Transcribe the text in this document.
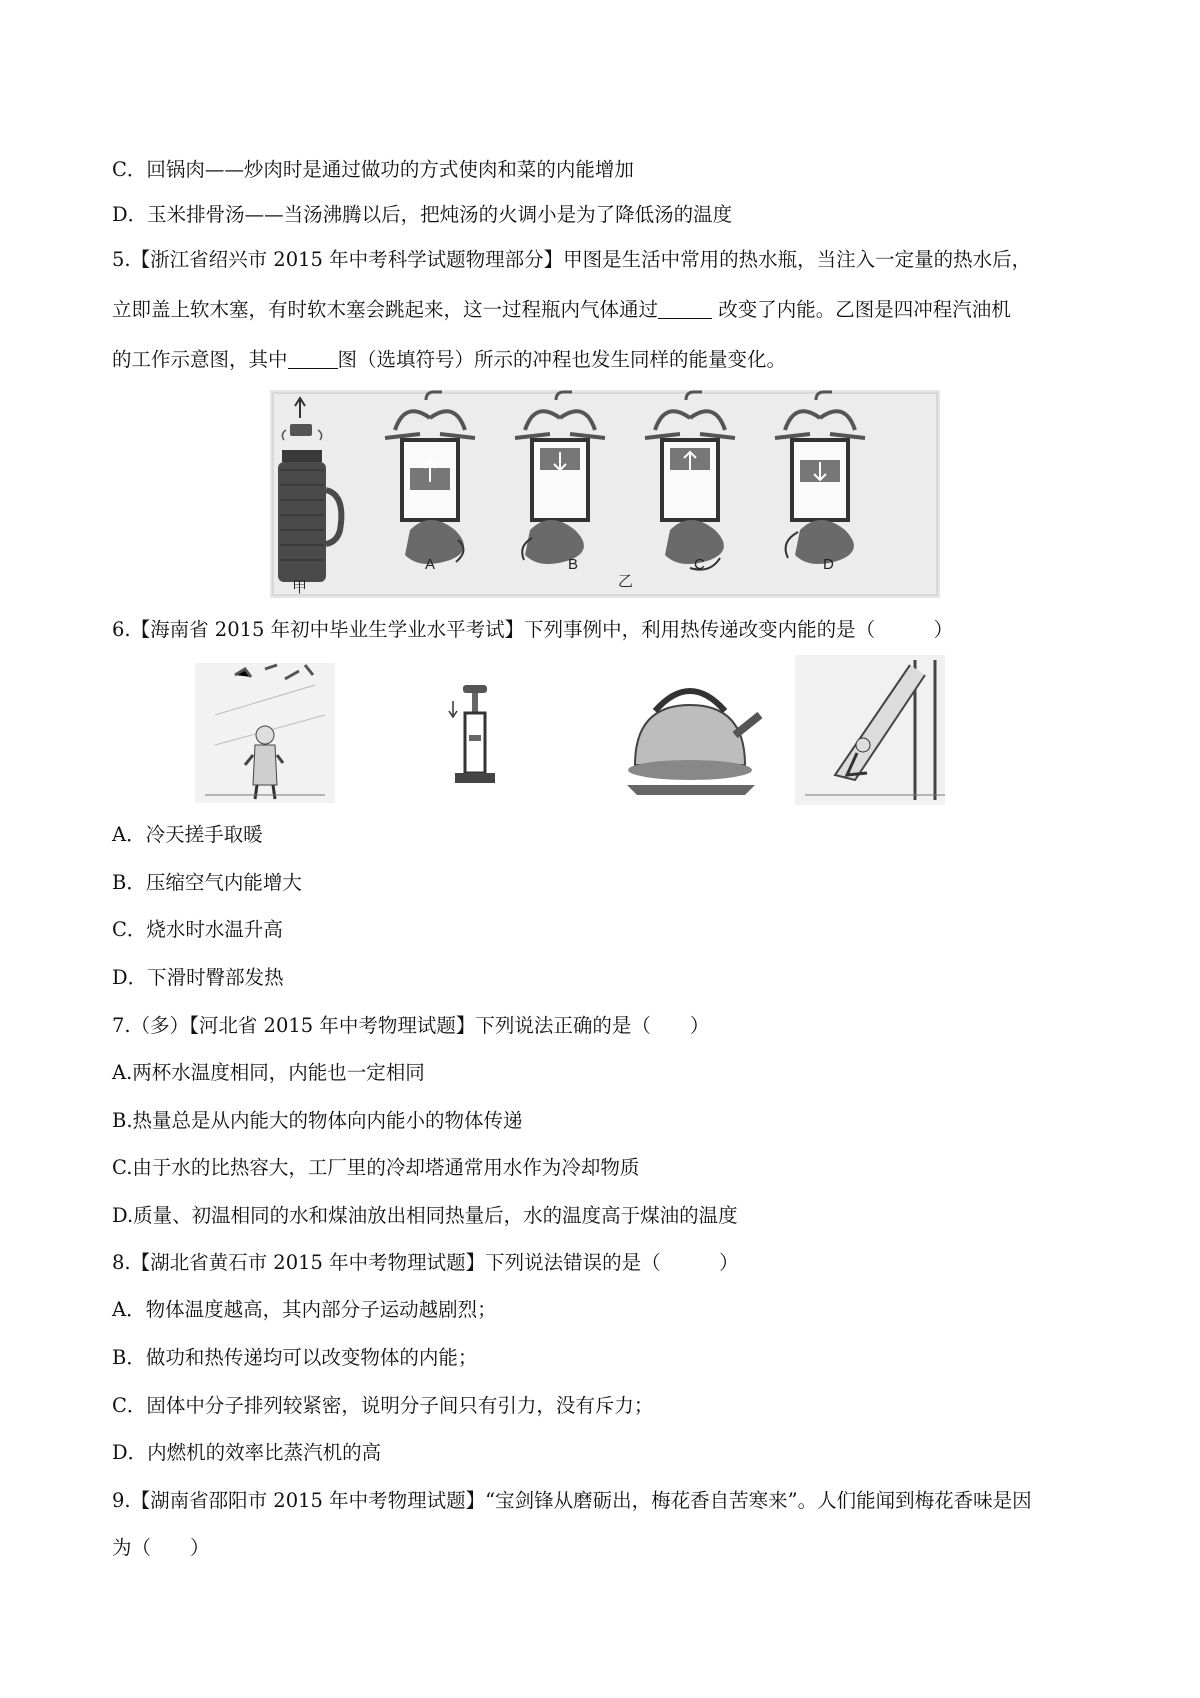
C．回锅肉——炒肉时是通过做功的方式使肉和菜的内能增加
D．玉米排骨汤——当汤沸腾以后，把炖汤的火调小是为了降低汤的温度
5.【浙江省绍兴市 2015 年中考科学试题物理部分】甲图是生活中常用的热水瓶，当注入一定量的热水后，
立即盖上软木塞，有时软木塞会跳起来，这一过程瓶内气体通过	改变了内能。乙图是四冲程汽油机
的工作示意图，其中	图（选填符号）所示的冲程也发生同样的能量变化。
甲
A	B
乙
C	D
6.【海南省 2015 年初中毕业生学业水平考试】下列事例中，利用热传递改变内能的是（　　　）
A．冷天搓手取暖
B．压缩空气内能增大
C．烧水时水温升高
D．下滑时臀部发热
7.（多）【河北省 2015 年中考物理试题】下列说法正确的是（　　）
A.两杯水温度相同，内能也一定相同
B.热量总是从内能大的物体向内能小的物体传递
C.由于水的比热容大，工厂里的冷却塔通常用水作为冷却物质
D.质量、初温相同的水和煤油放出相同热量后，水的温度高于煤油的温度
8.【湖北省黄石市 2015 年中考物理试题】下列说法错误的是（　　　）
A．物体温度越高，其内部分子运动越剧烈；
B．做功和热传递均可以改变物体的内能；
C．固体中分子排列较紧密，说明分子间只有引力，没有斥力；
D．内燃机的效率比蒸汽机的高
9.【湖南省邵阳市 2015 年中考物理试题】“宝剑锋从磨砺出，梅花香自苦寒来”。人们能闻到梅花香味是因
为（　　）
